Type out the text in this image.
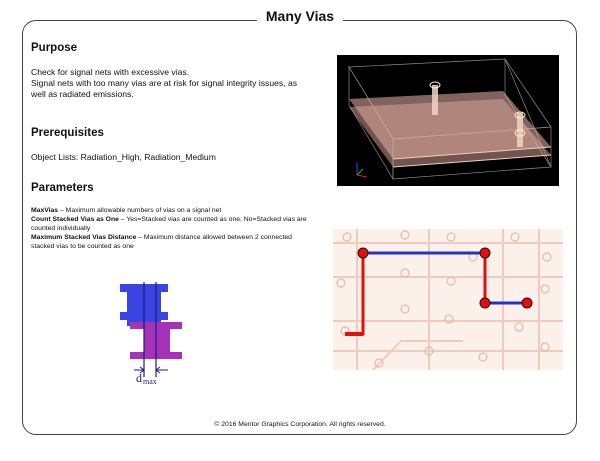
Many Vias
Purpose
Check for signal nets with excessive vias.
Signal nets with too many vias are at risk for signal integrity issues, as
well as radiated emissions.
Prerequisites
Object Lists: Radiation_High, Radiation_Medium
Parameters
MaxVias – Maximum allowable numbers of vias on a signal net
Count Stacked Vias as One – Yes=Stacked vias are counted as one; No=Stacked vias are counted individually
Maximum Stacked Vias Distance – Maximum distance allowed between 2 connected stacked vias to be counted as one
d max
© 2016 Mentor Graphics Corporation. All rights reserved.
